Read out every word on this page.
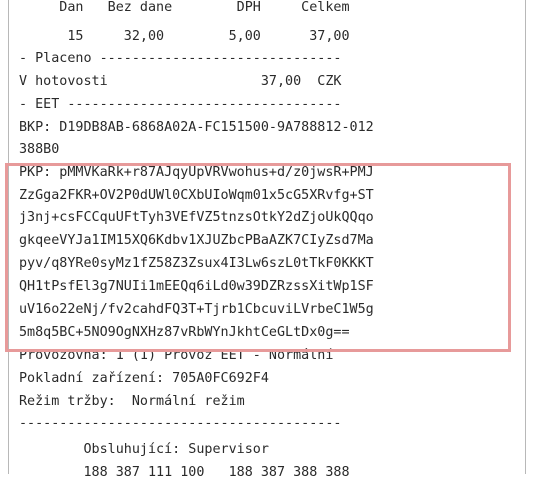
Dan   Bez dane        DPH     Celkem
15     32,00        5,00      37,00
- Placeno ------------------------------
V hotovosti                   37,00  CZK
- EET ----------------------------------
BKP: D19DB8AB-6868A02A-FC151500-9A788812-012
388B0
PKP: pMMVKaRk+r87AJqyUpVRVwohus+d/z0jwsR+PMJ
ZzGga2FKR+OV2P0dUWl0CXbUIoWqm01x5cG5XRvfg+ST
j3nj+csFCCquUFtTyh3VEfVZ5tnzsOtkY2dZjoUkQQqo
gkqeeVYJa1IM15XQ6Kdbv1XJUZbcPBaAZK7CIyZsd7Ma
pyv/q8YRe0syMz1fZ58Z3Zsux4I3Lw6szL0tTkF0KKKT
QH1tPsfEl3g7NUIi1mEEQq6iLd0w39DZRzssXitWp1SF
uV16o22eNj/fv2cahdFQ3T+Tjrb1CbcuviLVrbeC1W5g
5m8q5BC+5NO9OgNXHz87vRbWYnJkhtCeGLtDx0g==
Provozovna: 1 (1) Provoz EET - Normální
Pokladní zařízení: 705A0FC692F4
Režim tržby:  Normální režim
----------------------------------------
Obsluhující: Supervisor
188 387 111 100   188 387 388 388
